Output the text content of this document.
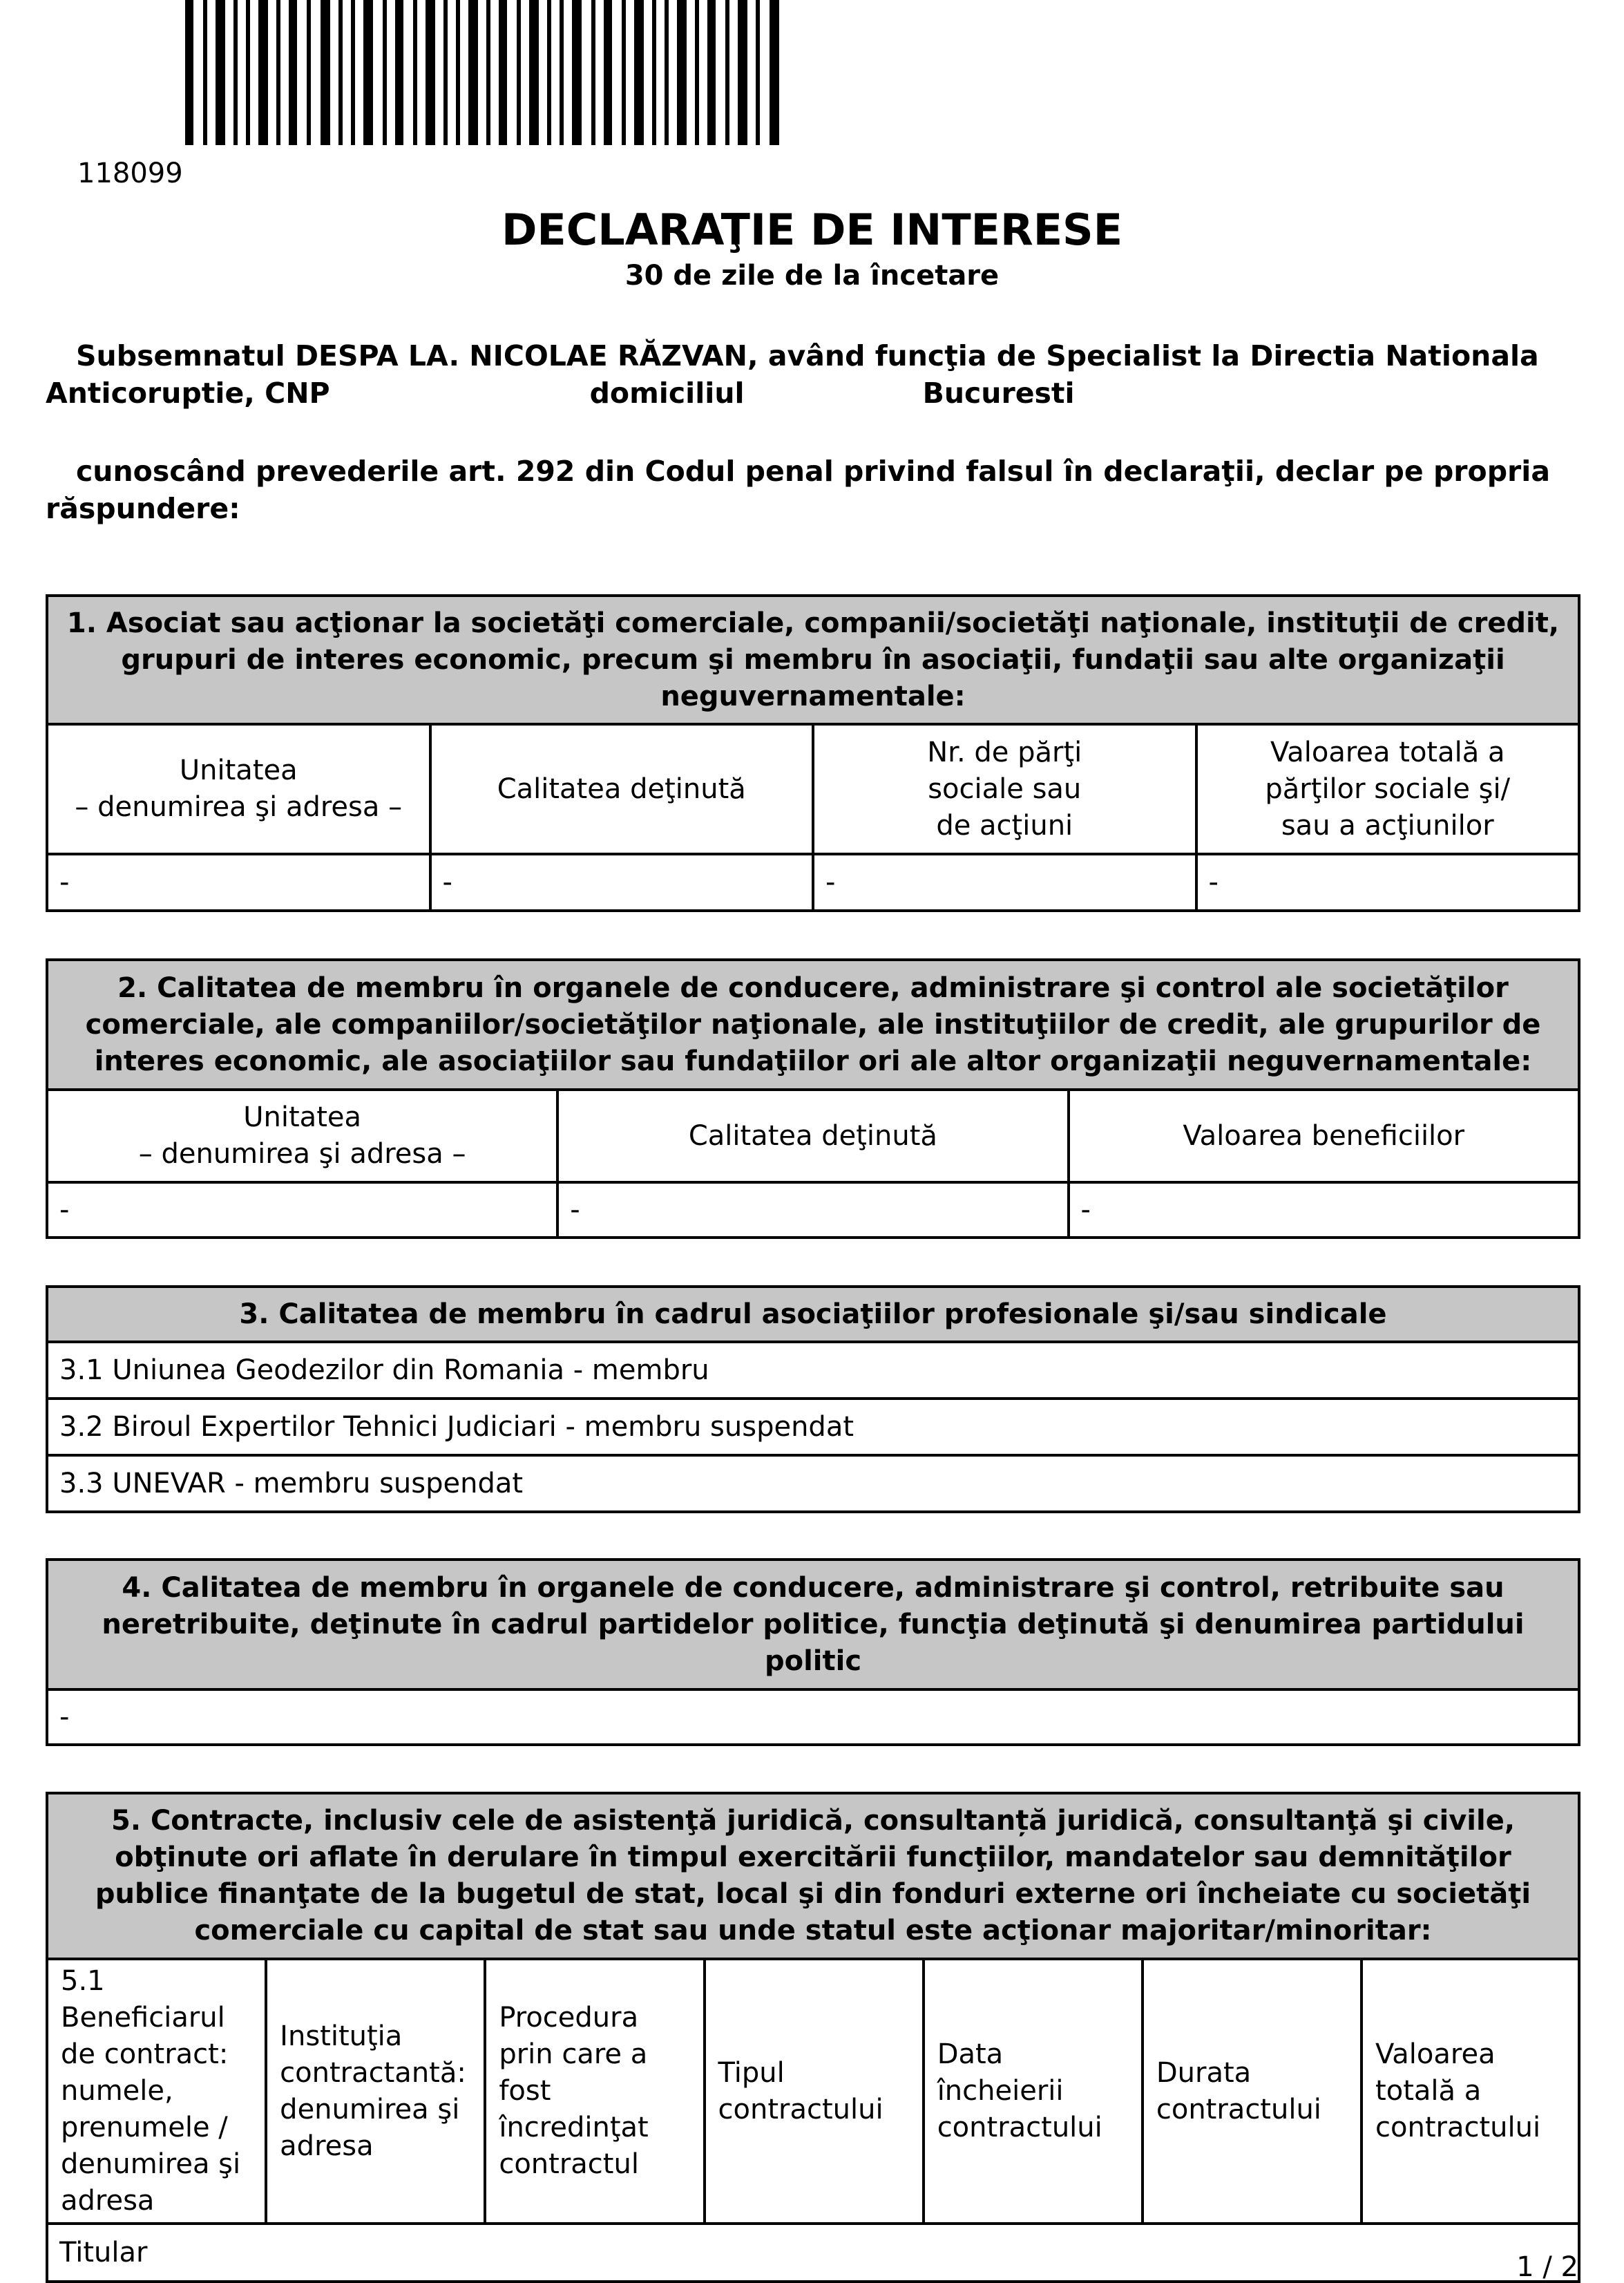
118099
DECLARAŢIE DE INTERESE
30 de zile de la încetare

Subsemnatul DESPA LA. NICOLAE RĂZVAN, având funcţia de Specialist la Directia Nationala
Anticoruptie, CNP	domiciliul	Bucuresti

cunoscând prevederile art. 292 din Codul penal privind falsul în declaraţii, declar pe propria răspundere:

1. Asociat sau acţionar la societăţi comerciale, companii/societăţi naţionale, instituţii de credit, grupuri de interes economic, precum şi membru în asociaţii, fundaţii sau alte organizaţii neguvernamentale:			
Unitatea
– denumirea şi adresa –	Calitatea deţinută	Nr. de părţi
sociale sau
de acţiuni	Valoarea totală a
părţilor sociale şi/
sau a acţiunilor
-	-	-	-
2. Calitatea de membru în organele de conducere, administrare şi control ale societăţilor comerciale, ale companiilor/societăţilor naţionale, ale instituţiilor de credit, ale grupurilor de interes economic, ale asociaţiilor sau fundaţiilor ori ale altor organizaţii neguvernamentale:		
Unitatea
– denumirea şi adresa –	Calitatea deţinută	Valoarea beneficiilor
-	-	-
3. Calitatea de membru în cadrul asociaţiilor profesionale şi/sau sindicale
3.1 Uniunea Geodezilor din Romania - membru
3.2 Biroul Expertilor Tehnici Judiciari - membru suspendat
3.3 UNEVAR - membru suspendat
4. Calitatea de membru în organele de conducere, administrare şi control, retribuite sau neretribuite, deţinute în cadrul partidelor politice, funcţia deţinută şi denumirea partidului politic
-
5. Contracte, inclusiv cele de asistenţă juridică, consultanță juridică, consultanţă şi civile, obţinute ori aflate în derulare în timpul exercitării funcţiilor, mandatelor sau demnităţilor publice finanţate de la bugetul de stat, local şi din fonduri externe ori încheiate cu societăţi comerciale cu capital de stat sau unde statul este acţionar majoritar/minoritar:
5.1 Beneficiarul de contract: numele, prenumele / denumirea şi adresa	Instituţia contractantă: denumirea şi adresa	Procedura prin care a fost încredinţat contractul	Tipul contractului	Data încheierii contractului	Durata contractului	Valoarea totală a contractului
Titular	1 / 2
